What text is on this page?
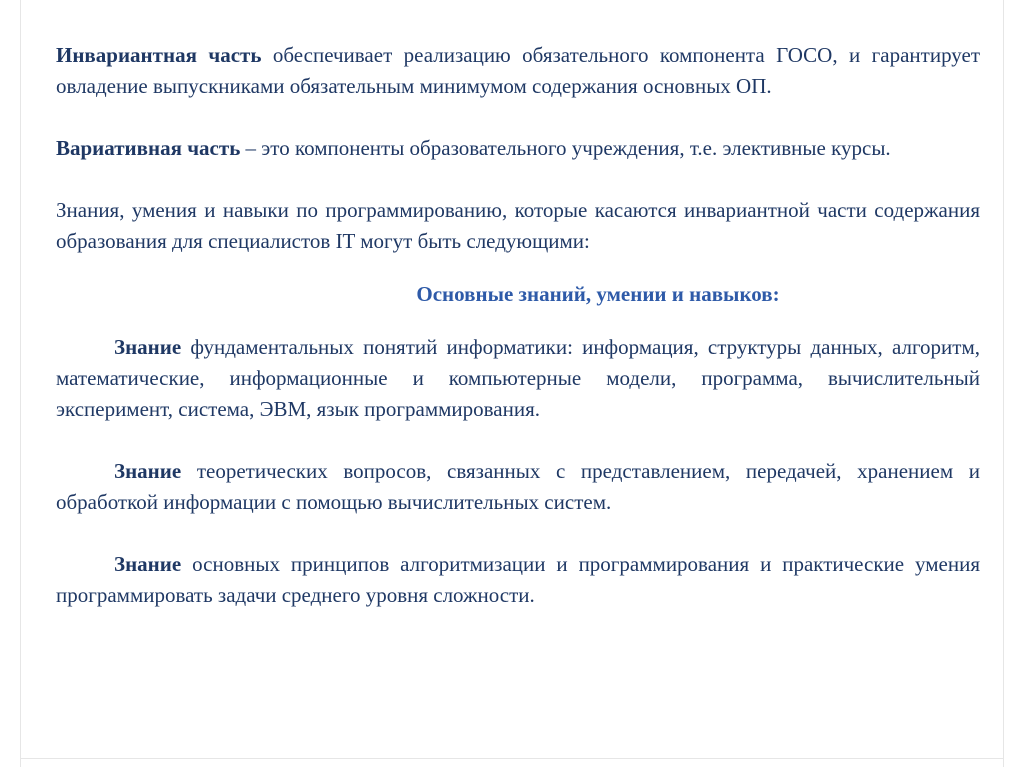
Инвариантная часть обеспечивает реализацию обязательного компонента ГОСО, и гарантирует овладение выпускниками обязательным минимумом содержания основных ОП.

Вариативная часть – это компоненты образовательного учреждения, т.е. элективные курсы.

Знания, умения и навыки по программированию, которые касаются инвариантной части содержания образования для специалистов IT могут быть следующими:

Основные знаний, умении и навыков:

Знание фундаментальных понятий информатики: информация, структуры данных, алгоритм, математические, информационные и компьютерные модели, программа, вычислительный эксперимент, система, ЭВМ, язык программирования.

Знание теоретических вопросов, связанных с представлением, передачей, хранением и обработкой информации с помощью вычислительных систем.

Знание основных принципов алгоритмизации и программирования и практические умения программировать задачи среднего уровня сложности.
